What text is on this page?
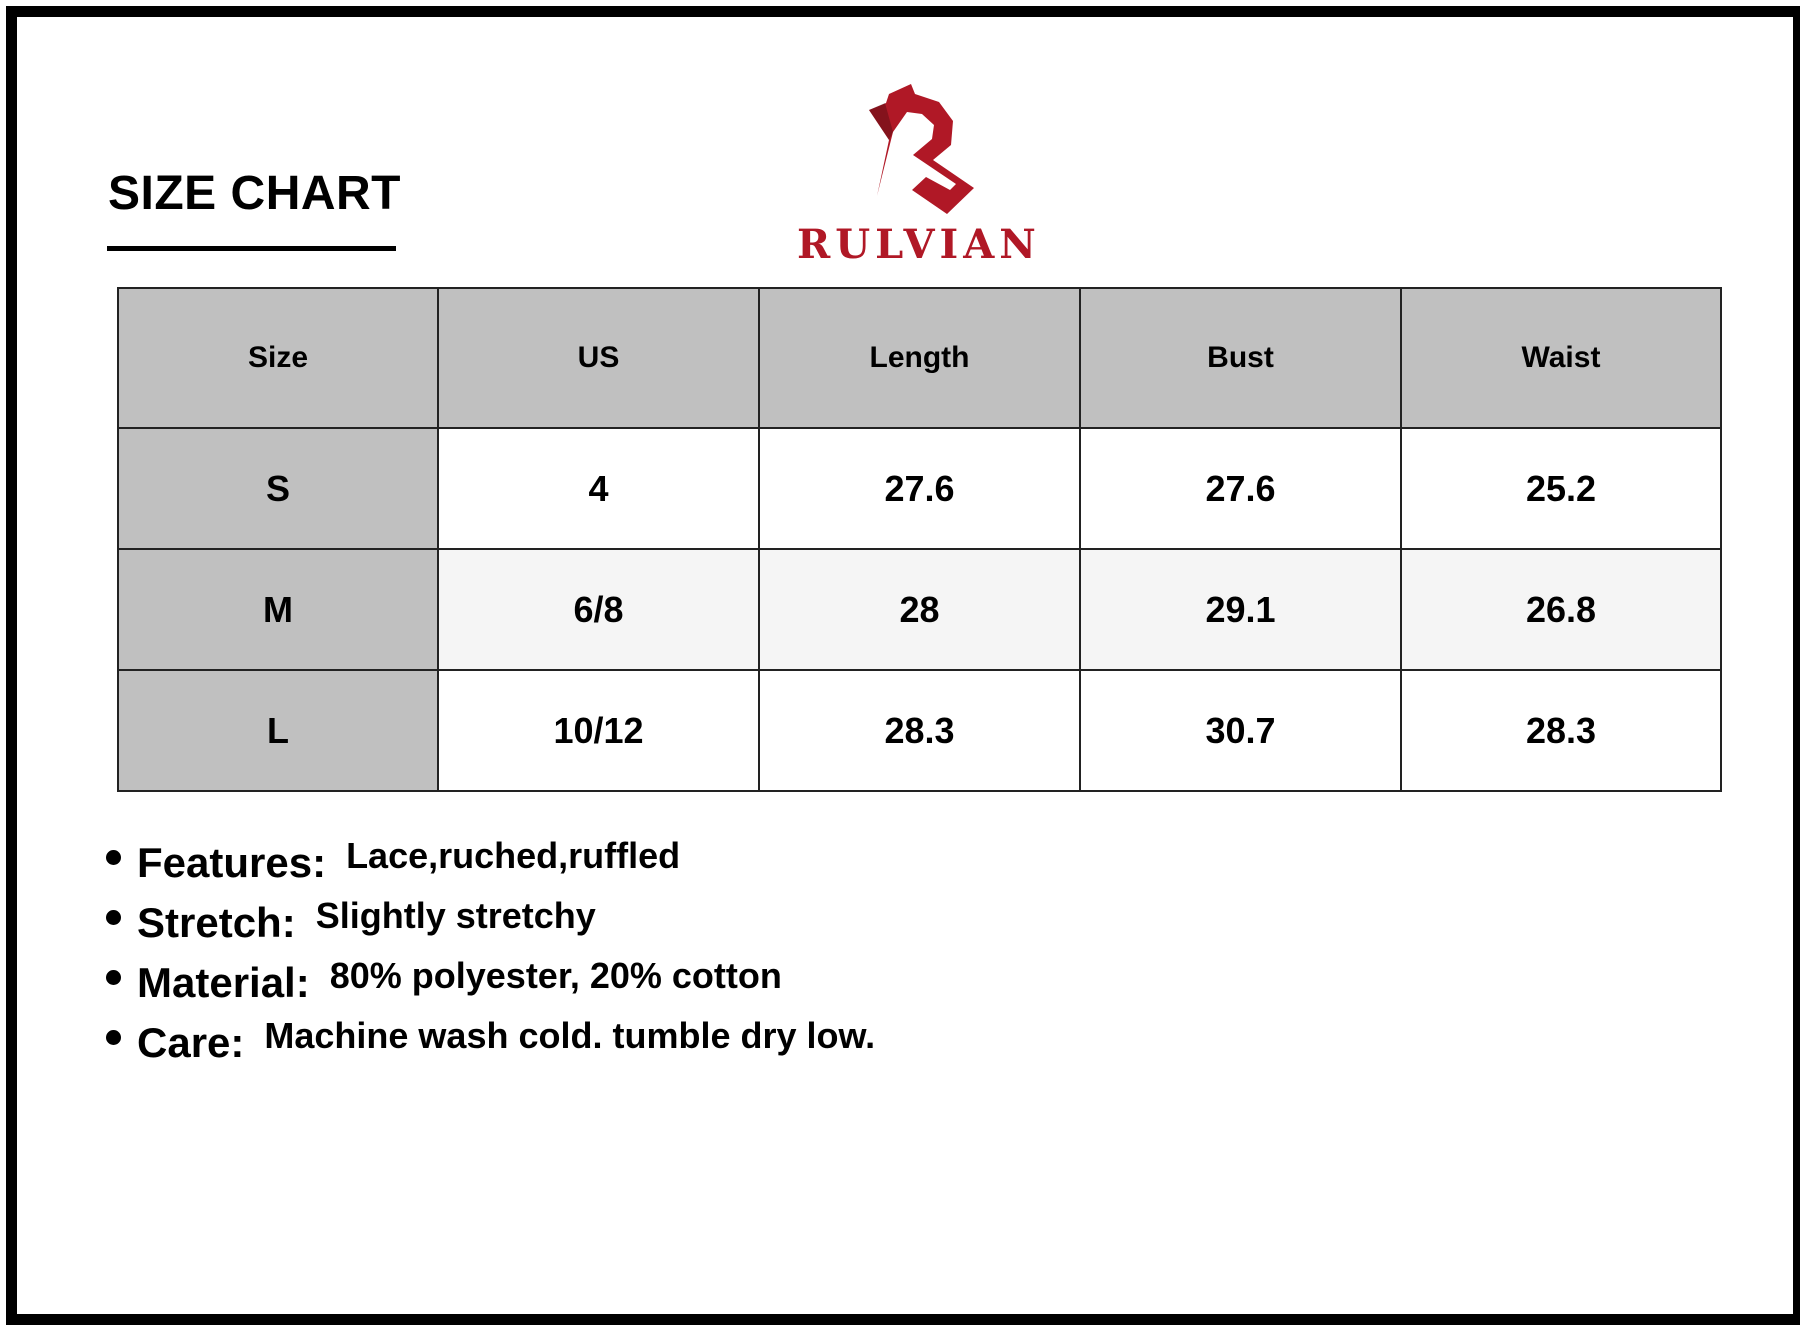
SIZE CHART
RULVIAN
Size	US	Length	Bust	Waist
S	4	27.6	27.6	25.2
M	6/8	28	29.1	26.8
L	10/12	28.3	30.7	28.3
Features: Lace,ruched,ruffled
Stretch: Slightly stretchy
Material: 80% polyester, 20% cotton
Care: Machine wash cold. tumble dry low.
